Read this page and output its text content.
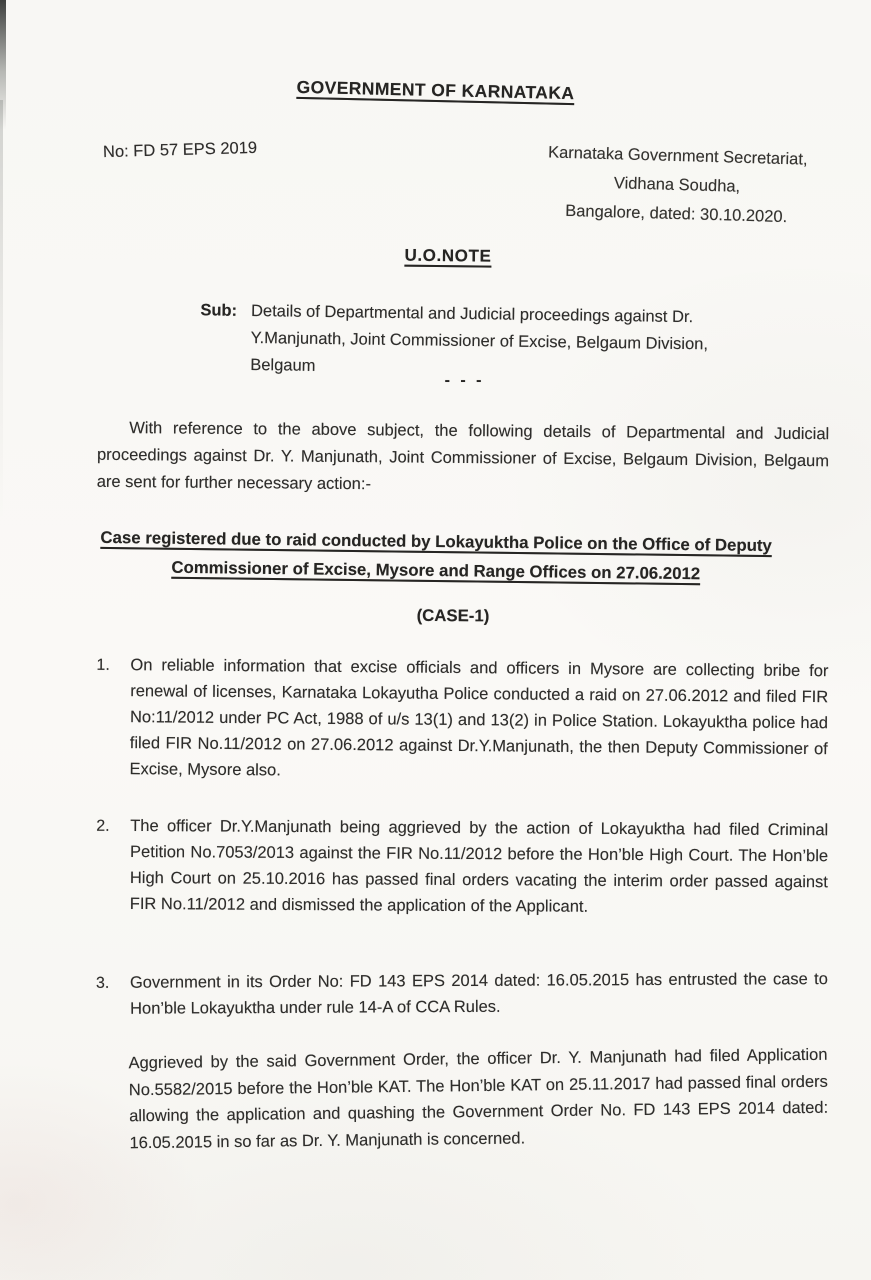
GOVERNMENT OF KARNATAKA
No: FD 57 EPS 2019	Karnataka Government Secretariat,
Vidhana Soudha,
Bangalore, dated: 30.10.2020.
U.O.NOTE
Sub: Details of Departmental and Judicial proceedings against Dr. Y.Manjunath, Joint Commissioner of Excise, Belgaum Division, Belgaum
- - -
With reference to the above subject, the following details of Departmental and Judicial proceedings against Dr. Y. Manjunath, Joint Commissioner of Excise, Belgaum Division, Belgaum are sent for further necessary action:-
Case registered due to raid conducted by Lokayuktha Police on the Office of Deputy Commissioner of Excise, Mysore and Range Offices on 27.06.2012
(CASE-1)
1.	On reliable information that excise officials and officers in Mysore are collecting bribe for renewal of licenses, Karnataka Lokayutha Police conducted a raid on 27.06.2012 and filed FIR No:11/2012 under PC Act, 1988 of u/s 13(1) and 13(2) in Police Station. Lokayuktha police had filed FIR No.11/2012 on 27.06.2012 against Dr.Y.Manjunath, the then Deputy Commissioner of Excise, Mysore also.
2.	The officer Dr.Y.Manjunath being aggrieved by the action of Lokayuktha had filed Criminal Petition No.7053/2013 against the FIR No.11/2012 before the Hon’ble High Court. The Hon’ble High Court on 25.10.2016 has passed final orders vacating the interim order passed against FIR No.11/2012 and dismissed the application of the Applicant.
3.	Government in its Order No: FD 143 EPS 2014 dated: 16.05.2015 has entrusted the case to Hon’ble Lokayuktha under rule 14-A of CCA Rules.
Aggrieved by the said Government Order, the officer Dr. Y. Manjunath had filed Application No.5582/2015 before the Hon’ble KAT. The Hon’ble KAT on 25.11.2017 had passed final orders allowing the application and quashing the Government Order No. FD 143 EPS 2014 dated: 16.05.2015 in so far as Dr. Y. Manjunath is concerned.
